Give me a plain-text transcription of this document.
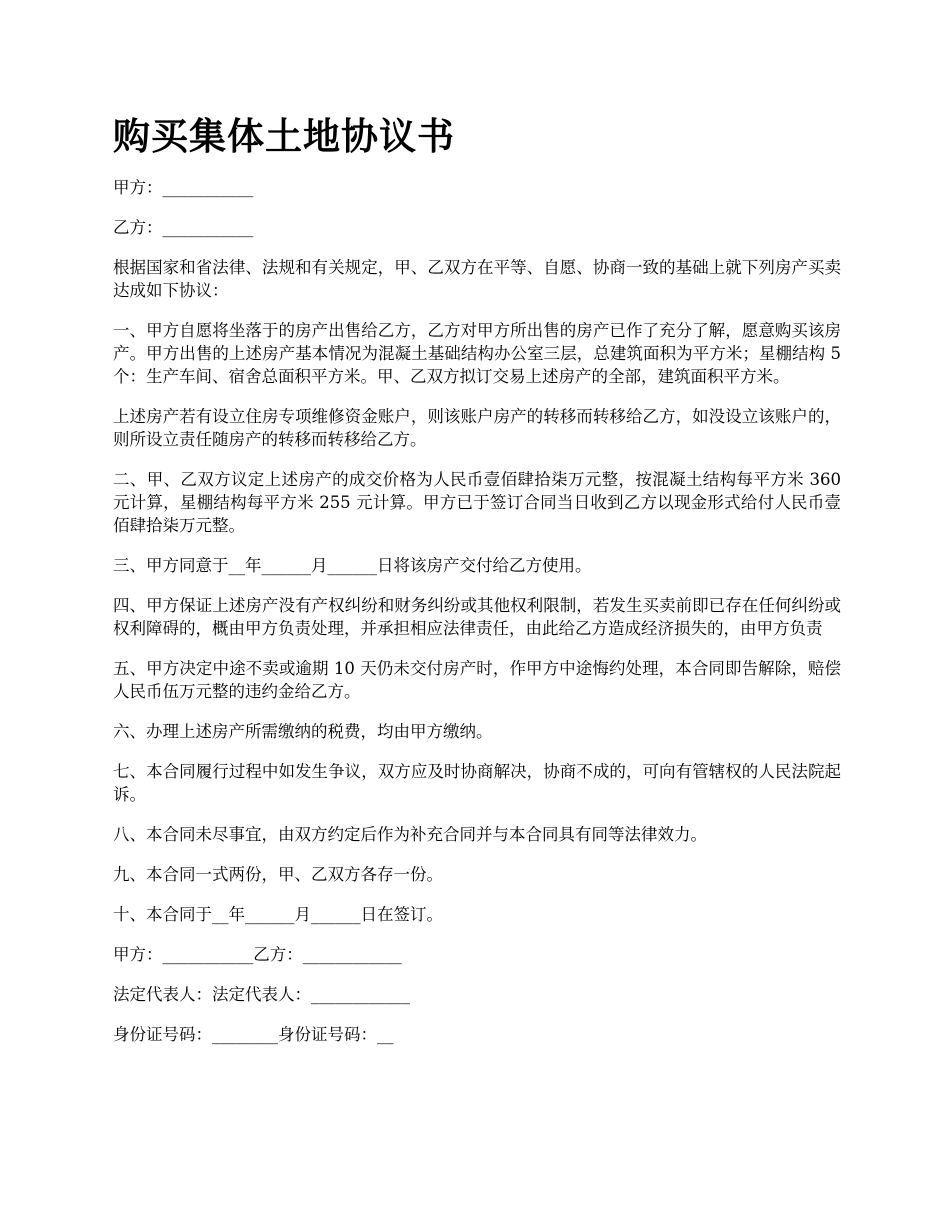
购买集体土地协议书

甲方：___________

乙方：___________

根据国家和省法律、法规和有关规定，甲、乙双方在平等、自愿、协商一致的基础上就下列房产买卖达成如下协议：

一、甲方自愿将坐落于的房产出售给乙方，乙方对甲方所出售的房产已作了充分了解，愿意购买该房产。甲方出售的上述房产基本情况为混凝土基础结构办公室三层，总建筑面积为平方米；星棚结构 5 个：生产车间、宿舍总面积平方米。甲、乙双方拟订交易上述房产的全部，建筑面积平方米。

上述房产若有设立住房专项维修资金账户，则该账户房产的转移而转移给乙方，如没设立该账户的，则所设立责任随房产的转移而转移给乙方。

二、甲、乙双方议定上述房产的成交价格为人民币壹佰肆拾柒万元整，按混凝土结构每平方米 360 元计算，星棚结构每平方米 255 元计算。甲方已于签订合同当日收到乙方以现金形式给付人民币壹佰肆拾柒万元整。

三、甲方同意于__年______月______日将该房产交付给乙方使用。

四、甲方保证上述房产没有产权纠纷和财务纠纷或其他权利限制，若发生买卖前即已存在任何纠纷或权利障碍的，概由甲方负责处理，并承担相应法律责任，由此给乙方造成经济损失的，由甲方负责

五、甲方决定中途不卖或逾期 10 天仍未交付房产时，作甲方中途悔约处理，本合同即告解除，赔偿人民币伍万元整的违约金给乙方。

六、办理上述房产所需缴纳的税费，均由甲方缴纳。

七、本合同履行过程中如发生争议，双方应及时协商解决，协商不成的，可向有管辖权的人民法院起诉。

八、本合同未尽事宜，由双方约定后作为补充合同并与本合同具有同等法律效力。

九、本合同一式两份，甲、乙双方各存一份。

十、本合同于__年______月______日在签订。

甲方：___________乙方：____________

法定代表人：法定代表人：____________

身份证号码：________身份证号码：__
